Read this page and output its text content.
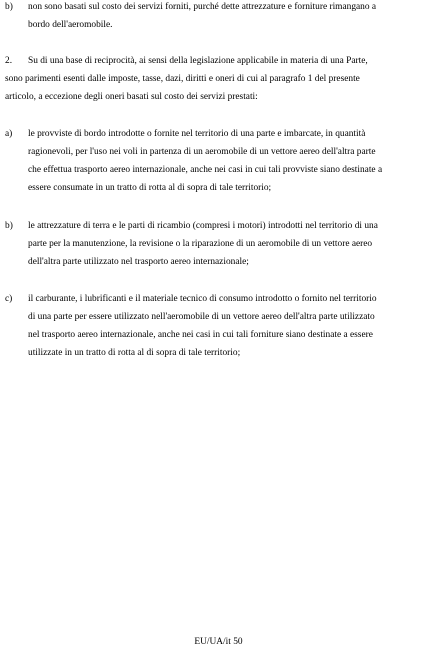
b) non sono basati sul costo dei servizi forniti, purché dette attrezzature e forniture rimangano a
bordo dell'aeromobile.
2. Su di una base di reciprocità, ai sensi della legislazione applicabile in materia di una Parte,
sono parimenti esenti dalle imposte, tasse, dazi, diritti e oneri di cui al paragrafo 1 del presente
articolo, a eccezione degli oneri basati sul costo dei servizi prestati:
a) le provviste di bordo introdotte o fornite nel territorio di una parte e imbarcate, in quantità
ragionevoli, per l'uso nei voli in partenza di un aeromobile di un vettore aereo dell'altra parte
che effettua trasporto aereo internazionale, anche nei casi in cui tali provviste siano destinate a
essere consumate in un tratto di rotta al di sopra di tale territorio;
b) le attrezzature di terra e le parti di ricambio (compresi i motori) introdotti nel territorio di una
parte per la manutenzione, la revisione o la riparazione di un aeromobile di un vettore aereo
dell'altra parte utilizzato nel trasporto aereo internazionale;
c) il carburante, i lubrificanti e il materiale tecnico di consumo introdotto o fornito nel territorio
di una parte per essere utilizzato nell'aeromobile di un vettore aereo dell'altra parte utilizzato
nel trasporto aereo internazionale, anche nei casi in cui tali forniture siano destinate a essere
utilizzate in un tratto di rotta al di sopra di tale territorio;
EU/UA/it 50
